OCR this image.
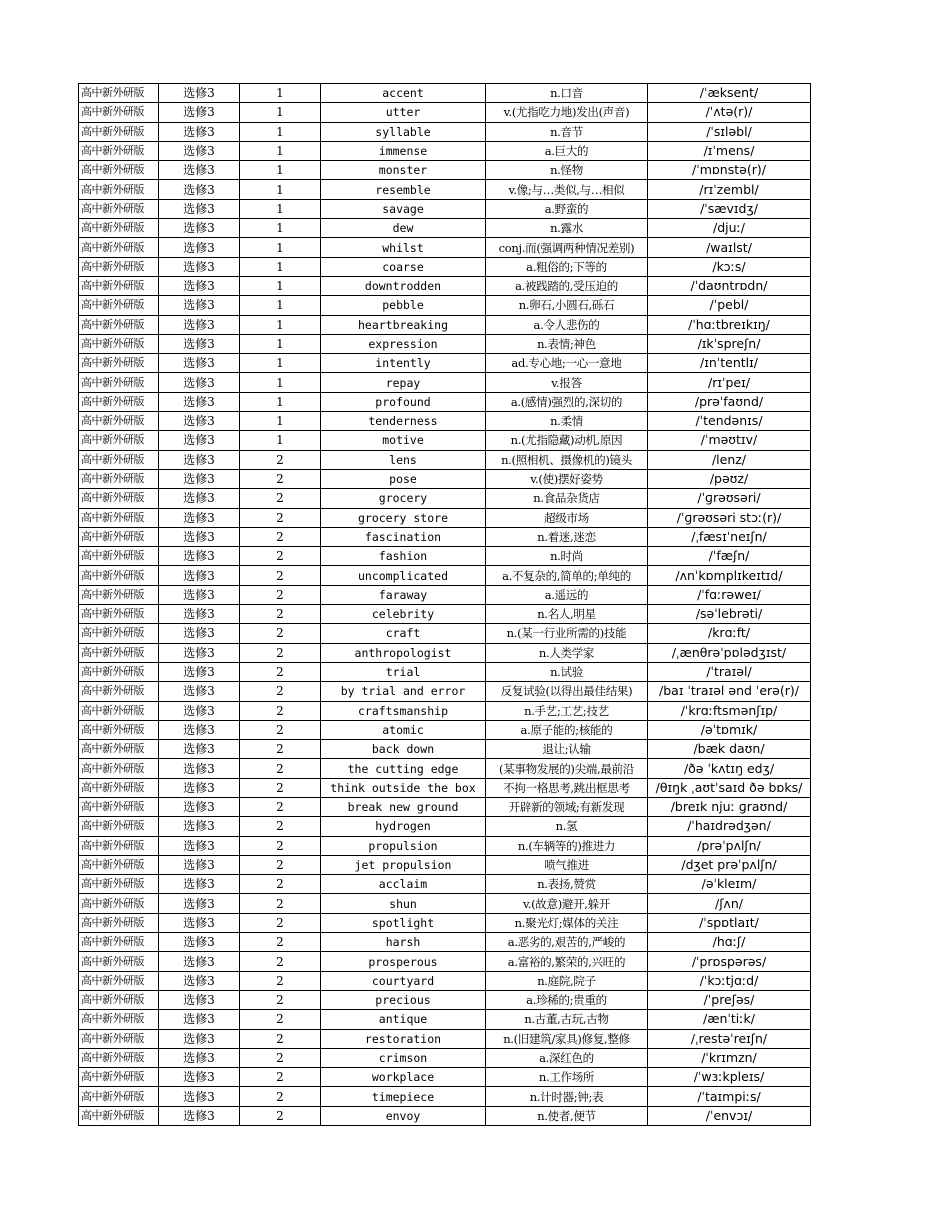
高中新外研版	选修3	1	accent	n.口音	/ˈæksent/
高中新外研版	选修3	1	utter	v.(尤指吃力地)发出(声音)	/ˈʌtə(r)/
高中新外研版	选修3	1	syllable	n.音节	/ˈsɪləbl/
高中新外研版	选修3	1	immense	a.巨大的	/ɪˈmens/
高中新外研版	选修3	1	monster	n.怪物	/ˈmɒnstə(r)/
高中新外研版	选修3	1	resemble	v.像;与…类似,与…相似	/rɪˈzembl/
高中新外研版	选修3	1	savage	a.野蛮的	/ˈsævɪdʒ/
高中新外研版	选修3	1	dew	n.露水	/djuː/
高中新外研版	选修3	1	whilst	conj.而(强调两种情况差别)	/waɪlst/
高中新外研版	选修3	1	coarse	a.粗俗的;下等的	/kɔːs/
高中新外研版	选修3	1	downtrodden	a.被践踏的,受压迫的	/ˈdaʊntrɒdn/
高中新外研版	选修3	1	pebble	n.卵石,小圆石,砾石	/ˈpebl/
高中新外研版	选修3	1	heartbreaking	a.令人悲伤的	/ˈhɑːtbreɪkɪŋ/
高中新外研版	选修3	1	expression	n.表情;神色	/ɪkˈspreʃn/
高中新外研版	选修3	1	intently	ad.专心地;一心一意地	/ɪnˈtentlɪ/
高中新外研版	选修3	1	repay	v.报答	/rɪˈpeɪ/
高中新外研版	选修3	1	profound	a.(感情)强烈的,深切的	/prəˈfaʊnd/
高中新外研版	选修3	1	tenderness	n.柔情	/ˈtendənɪs/
高中新外研版	选修3	1	motive	n.(尤指隐藏)动机,原因	/ˈməʊtɪv/
高中新外研版	选修3	2	lens	n.(照相机、摄像机的)镜头	/lenz/
高中新外研版	选修3	2	pose	v.(使)摆好姿势	/pəʊz/
高中新外研版	选修3	2	grocery	n.食品杂货店	/ˈɡrəʊsəri/
高中新外研版	选修3	2	grocery store	超级市场	/ˈɡrəʊsəri stɔː(r)/
高中新外研版	选修3	2	fascination	n.着迷,迷恋	/ˌfæsɪˈneɪʃn/
高中新外研版	选修3	2	fashion	n.时尚	/ˈfæʃn/
高中新外研版	选修3	2	uncomplicated	a.不复杂的,简单的;单纯的	/ʌnˈkɒmplɪkeɪtɪd/
高中新外研版	选修3	2	faraway	a.遥远的	/ˈfɑːrəweɪ/
高中新外研版	选修3	2	celebrity	n.名人,明星	/səˈlebrəti/
高中新外研版	选修3	2	craft	n.(某一行业所需的)技能	/krɑːft/
高中新外研版	选修3	2	anthropologist	n.人类学家	/ˌænθrəˈpɒlədʒɪst/
高中新外研版	选修3	2	trial	n.试验	/ˈtraɪəl/
高中新外研版	选修3	2	by trial and error	反复试验(以得出最佳结果)	/baɪ ˈtraɪəl ənd ˈerə(r)/
高中新外研版	选修3	2	craftsmanship	n.手艺;工艺;技艺	/ˈkrɑːftsmənʃɪp/
高中新外研版	选修3	2	atomic	a.原子能的;核能的	/əˈtɒmɪk/
高中新外研版	选修3	2	back down	退让;认输	/bæk daʊn/
高中新外研版	选修3	2	the cutting edge	(某事物发展的)尖端,最前沿	/ðə ˈkʌtɪŋ edʒ/
高中新外研版	选修3	2	think outside the box	不拘一格思考,跳出框思考	/θɪŋk ˌaʊtˈsaɪd ðə bɒks/
高中新外研版	选修3	2	break new ground	开辟新的领域;有新发现	/breɪk njuː ɡraʊnd/
高中新外研版	选修3	2	hydrogen	n.氢	/ˈhaɪdrədʒən/
高中新外研版	选修3	2	propulsion	n.(车辆等的)推进力	/prəˈpʌlʃn/
高中新外研版	选修3	2	jet propulsion	喷气推进	/dʒet prəˈpʌlʃn/
高中新外研版	选修3	2	acclaim	n.表扬,赞赏	/əˈkleɪm/
高中新外研版	选修3	2	shun	v.(故意)避开,躲开	/ʃʌn/
高中新外研版	选修3	2	spotlight	n.聚光灯;媒体的关注	/ˈspɒtlaɪt/
高中新外研版	选修3	2	harsh	a.恶劣的,艰苦的,严峻的	/hɑːʃ/
高中新外研版	选修3	2	prosperous	a.富裕的,繁荣的,兴旺的	/ˈprɒspərəs/
高中新外研版	选修3	2	courtyard	n.庭院,院子	/ˈkɔːtjɑːd/
高中新外研版	选修3	2	precious	a.珍稀的;贵重的	/ˈpreʃəs/
高中新外研版	选修3	2	antique	n.古董,古玩,古物	/ænˈtiːk/
高中新外研版	选修3	2	restoration	n.(旧建筑/家具)修复,整修	/ˌrestəˈreɪʃn/
高中新外研版	选修3	2	crimson	a.深红色的	/ˈkrɪmzn/
高中新外研版	选修3	2	workplace	n.工作场所	/ˈwɜːkpleɪs/
高中新外研版	选修3	2	timepiece	n.计时器;钟;表	/ˈtaɪmpiːs/
高中新外研版	选修3	2	envoy	n.使者,便节	/ˈenvɔɪ/
